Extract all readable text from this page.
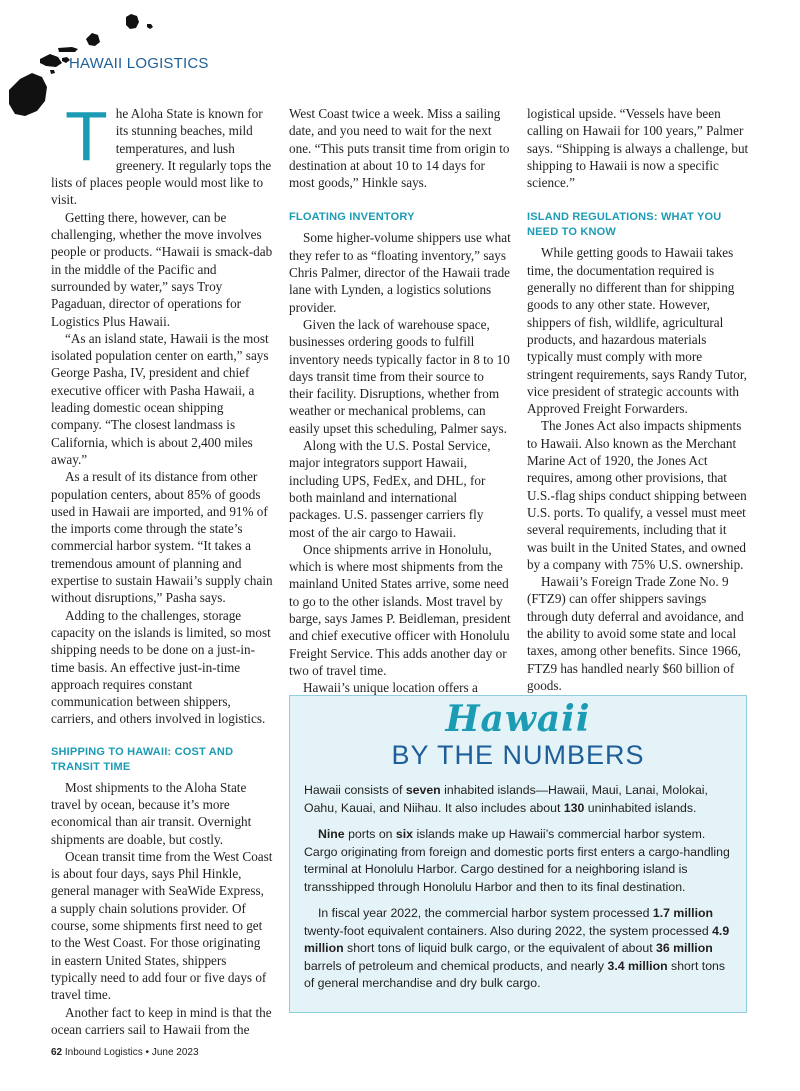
HAWAII LOGISTICS

The Aloha State is known for its stunning beaches, mild temperatures, and lush greenery. It regularly tops the lists of places people would most like to visit.

Getting there, however, can be challenging, whether the move involves people or products. “Hawaii is smack-dab in the middle of the Pacific and surrounded by water,” says Troy Pagaduan, director of operations for Logistics Plus Hawaii.

“As an island state, Hawaii is the most isolated population center on earth,” says George Pasha, IV, president and chief executive officer with Pasha Hawaii, a leading domestic ocean shipping company. “The closest landmass is California, which is about 2,400 miles away.”

As a result of its distance from other population centers, about 85% of goods used in Hawaii are imported, and 91% of the imports come through the state’s commercial harbor system. “It takes a tremendous amount of planning and expertise to sustain Hawaii’s supply chain without disruptions,” Pasha says.

Adding to the challenges, storage capacity on the islands is limited, so most shipping needs to be done on a just-in-time basis. An effective just-in-time approach requires constant communication between shippers, carriers, and others involved in logistics.

SHIPPING TO HAWAII: COST AND TRANSIT TIME

Most shipments to the Aloha State travel by ocean, because it’s more economical than air transit. Overnight shipments are doable, but costly.

Ocean transit time from the West Coast is about four days, says Phil Hinkle, general manager with SeaWide Express, a supply chain solutions provider. Of course, some shipments first need to get to the West Coast. For those originating in eastern United States, shippers typically need to add four or five days of travel time.

Another fact to keep in mind is that the ocean carriers sail to Hawaii from the

West Coast twice a week. Miss a sailing date, and you need to wait for the next one. “This puts transit time from origin to destination at about 10 to 14 days for most goods,” Hinkle says.

FLOATING INVENTORY

Some higher-volume shippers use what they refer to as “floating inventory,” says Chris Palmer, director of the Hawaii trade lane with Lynden, a logistics solutions provider.

Given the lack of warehouse space, businesses ordering goods to fulfill inventory needs typically factor in 8 to 10 days transit time from their source to their facility. Disruptions, whether from weather or mechanical problems, can easily upset this scheduling, Palmer says.

Along with the U.S. Postal Service, major integrators support Hawaii, including UPS, FedEx, and DHL, for both mainland and international packages. U.S. passenger carriers fly most of the air cargo to Hawaii.

Once shipments arrive in Honolulu, which is where most shipments from the mainland United States arrive, some need to go to the other islands. Most travel by barge, says James P. Beidleman, president and chief executive officer with Honolulu Freight Service. This adds another day or two of travel time.

Hawaii’s unique location offers a

logistical upside. “Vessels have been calling on Hawaii for 100 years,” Palmer says. “Shipping is always a challenge, but shipping to Hawaii is now a specific science.”

ISLAND REGULATIONS: WHAT YOU NEED TO KNOW

While getting goods to Hawaii takes time, the documentation required is generally no different than for shipping goods to any other state. However, shippers of fish, wildlife, agricultural products, and hazardous materials typically must comply with more stringent requirements, says Randy Tutor, vice president of strategic accounts with Approved Freight Forwarders.

The Jones Act also impacts shipments to Hawaii. Also known as the Merchant Marine Act of 1920, the Jones Act requires, among other provisions, that U.S.-flag ships conduct shipping between U.S. ports. To qualify, a vessel must meet several requirements, including that it was built in the United States, and owned by a company with 75% U.S. ownership.

Hawaii’s Foreign Trade Zone No. 9 (FTZ9) can offer shippers savings through duty deferral and avoidance, and the ability to avoid some state and local taxes, among other benefits. Since 1966, FTZ9 has handled nearly $60 billion of goods.

Hawaii
BY THE NUMBERS

Hawaii consists of seven inhabited islands—Hawaii, Maui, Lanai, Molokai, Oahu, Kauai, and Niihau. It also includes about 130 uninhabited islands.

Nine ports on six islands make up Hawaii’s commercial harbor system. Cargo originating from foreign and domestic ports first enters a cargo-handling terminal at Honolulu Harbor. Cargo destined for a neighboring island is transshipped through Honolulu Harbor and then to its final destination.

In fiscal year 2022, the commercial harbor system processed 1.7 million twenty-foot equivalent containers. Also during 2022, the system processed 4.9 million short tons of liquid bulk cargo, or the equivalent of about 36 million barrels of petroleum and chemical products, and nearly 3.4 million short tons of general merchandise and dry bulk cargo.

62 Inbound Logistics • June 2023
